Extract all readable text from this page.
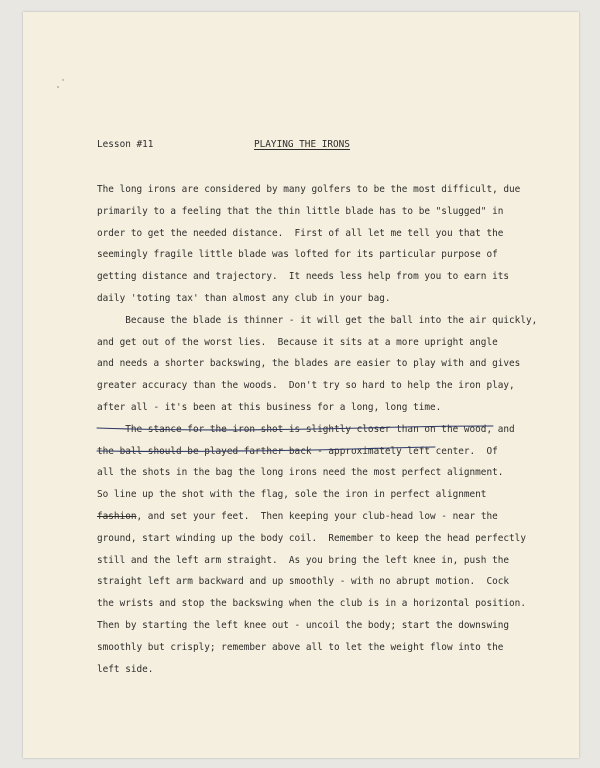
Lesson #11	PLAYING THE IRONS
The long irons are considered by many golfers to be the most difficult, due
primarily to a feeling that the thin little blade has to be "slugged" in
order to get the needed distance.  First of all let me tell you that the
seemingly fragile little blade was lofted for its particular purpose of
getting distance and trajectory.  It needs less help from you to earn its
daily 'toting tax' than almost any club in your bag.
Because the blade is thinner - it will get the ball into the air quickly,
and get out of the worst lies.  Because it sits at a more upright angle
and needs a shorter backswing, the blades are easier to play with and gives
greater accuracy than the woods.  Don't try so hard to help the iron play,
after all - it's been at this business for a long, long time.
The stance for the iron shot is slightly closer than on the wood, and
the ball should be played farther back - approximately left center.  Of
all the shots in the bag the long irons need the most perfect alignment.
So line up the shot with the flag, sole the iron in perfect alignment
fashion, and set your feet.  Then keeping your club-head low - near the
ground, start winding up the body coil.  Remember to keep the head perfectly
still and the left arm straight.  As you bring the left knee in, push the
straight left arm backward and up smoothly - with no abrupt motion.  Cock
the wrists and stop the backswing when the club is in a horizontal position.
Then by starting the left knee out - uncoil the body; start the downswing
smoothly but crisply; remember above all to let the weight flow into the
left side.
